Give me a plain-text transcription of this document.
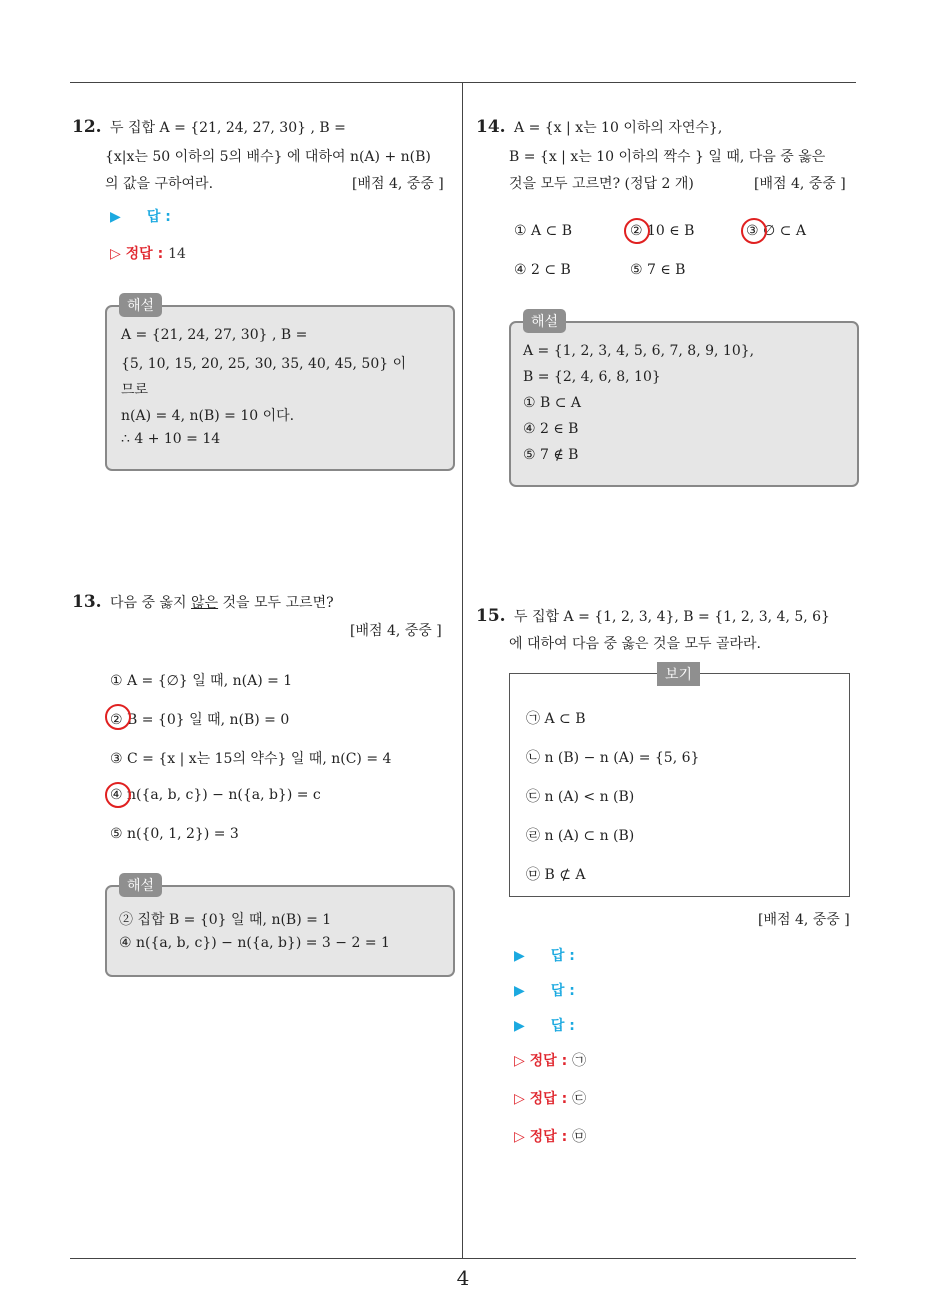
4
12. 두 집합 A = {21, 24, 27, 30} , B =
{x|x는 50 이하의 5의 배수} 에 대하여 n(A) + n(B)
의 값을 구하여라.	[배점 4, 중중 ]
▶ 답 :
▷ 정답 : 14
A = {21, 24, 27, 30} , B =
{5, 10, 15, 20, 25, 30, 35, 40, 45, 50} 이
므로
n(A) = 4, n(B) = 10 이다.
∴ 4 + 10 = 14
해설
13. 다음 중 옳지 않은 것을 모두 고르면?
[배점 4, 중중 ]
① A = {∅} 일 때, n(A) = 1
② B = {0} 일 때, n(B) = 0
③ C = {x | x는 15의 약수} 일 때, n(C) = 4
④ n({a, b, c}) − n({a, b}) = c
⑤ n({0, 1, 2}) = 3
② 집합 B = {0} 일 때, n(B) = 1
④ n({a, b, c}) − n({a, b}) = 3 − 2 = 1
해설
14. A = {x | x는 10 이하의 자연수},
B = {x | x는 10 이하의 짝수 } 일 때, 다음 중 옳은
것을 모두 고르면? (정답 2 개)	[배점 4, 중중 ]
① A ⊂ B	② 10 ∈ B	③ ∅ ⊂ A
④ 2 ⊂ B	⑤ 7 ∈ B
A = {1, 2, 3, 4, 5, 6, 7, 8, 9, 10},
B = {2, 4, 6, 8, 10}
① B ⊂ A
④ 2 ∈ B
⑤ 7 ∉ B
해설
15. 두 집합 A = {1, 2, 3, 4}, B = {1, 2, 3, 4, 5, 6}
에 대하여 다음 중 옳은 것을 모두 골라라.
㉠ A ⊂ B
㉡ n (B) − n (A) = {5, 6}
㉢ n (A) < n (B)
㉣ n (A) ⊂ n (B)
㉤ B ⊄ A
보기
[배점 4, 중중 ]
▶ 답 :
▶ 답 :
▶ 답 :
▷ 정답 : ㉠
▷ 정답 : ㉢
▷ 정답 : ㉤
